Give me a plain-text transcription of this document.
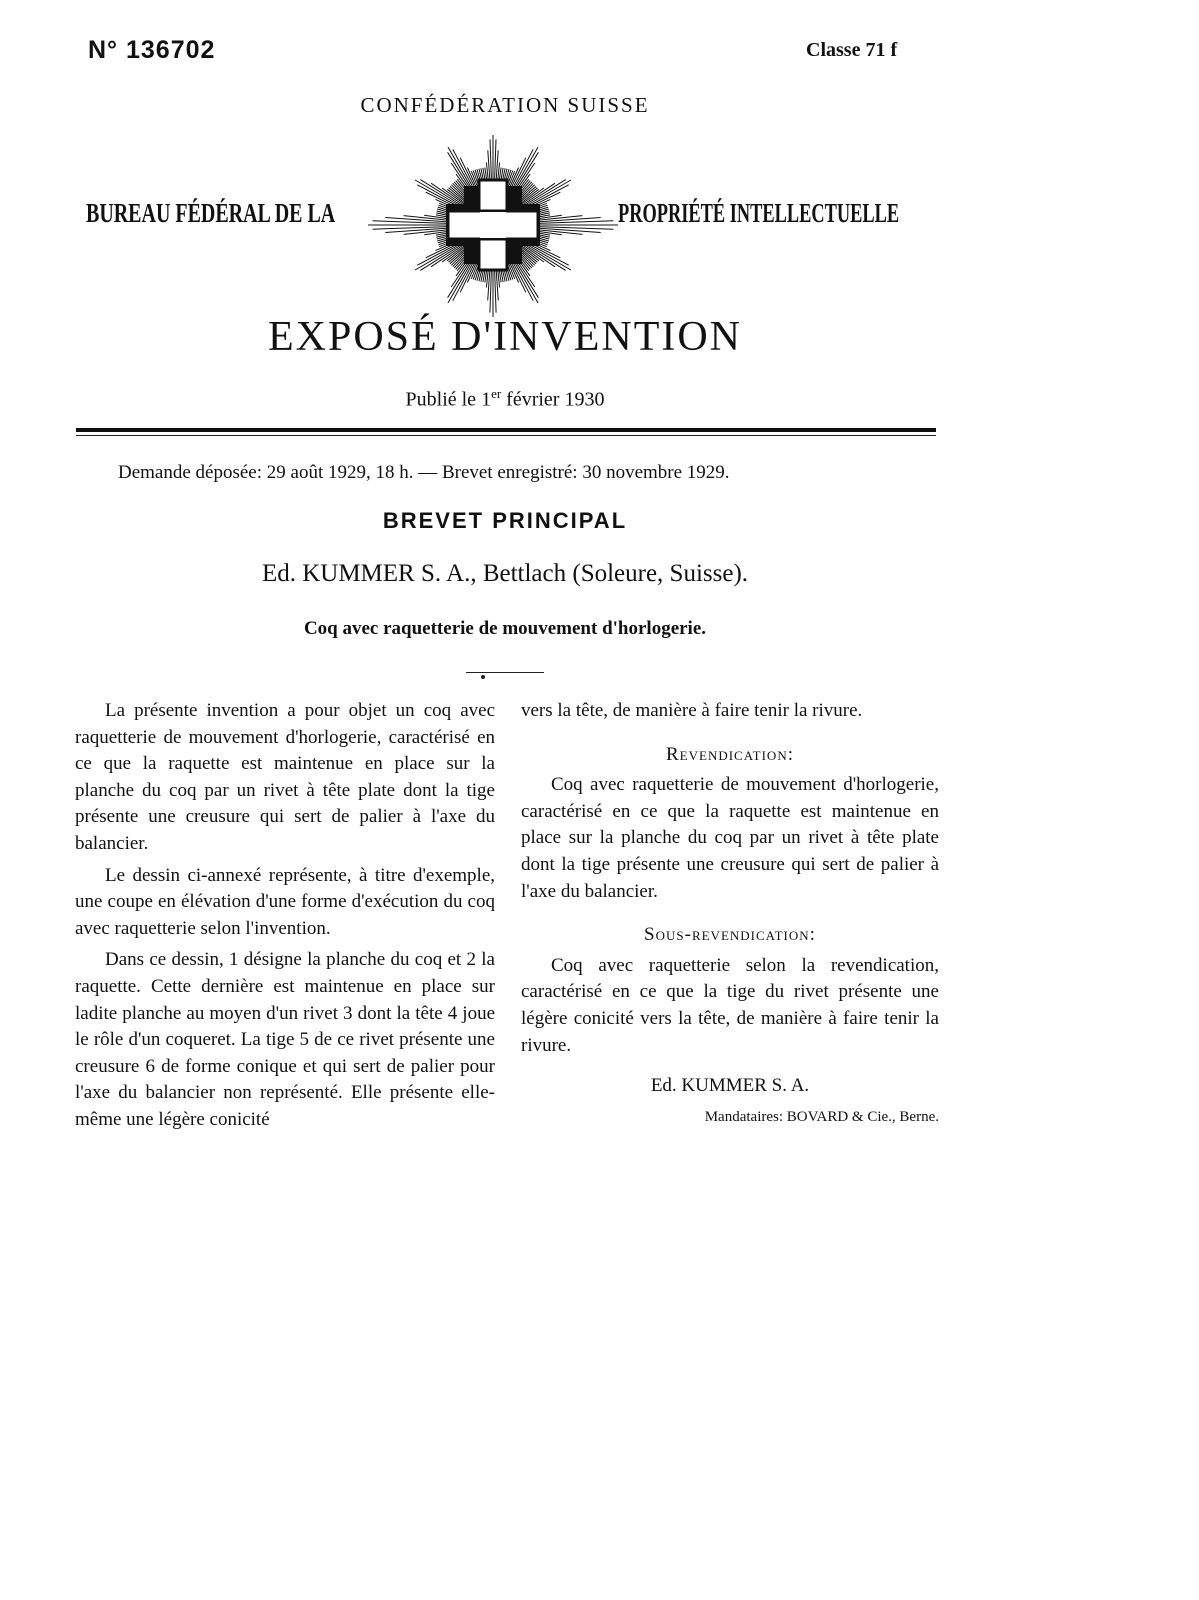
N° 136702	Classe 71 f
CONFÉDÉRATION SUISSE
BUREAU FÉDÉRAL DE LA	PROPRIÉTÉ INTELLECTUELLE
EXPOSÉ D'INVENTION
Publié le 1er février 1930
Demande déposée: 29 août 1929, 18 h. — Brevet enregistré: 30 novembre 1929.
BREVET PRINCIPAL
Ed. KUMMER S. A., Bettlach (Soleure, Suisse).
Coq avec raquetterie de mouvement d'horlogerie.

La présente invention a pour objet un coq avec raquetterie de mouvement d'horlogerie, caractérisé en ce que la raquette est maintenue en place sur la planche du coq par un rivet à tête plate dont la tige présente une creusure qui sert de palier à l'axe du balancier.

Le dessin ci-annexé représente, à titre d'exemple, une coupe en élévation d'une forme d'exécution du coq avec raquetterie selon l'invention.

Dans ce dessin, 1 désigne la planche du coq et 2 la raquette. Cette dernière est maintenue en place sur ladite planche au moyen d'un rivet 3 dont la tête 4 joue le rôle d'un coqueret. La tige 5 de ce rivet présente une creusure 6 de forme conique et qui sert de palier pour l'axe du balancier non représenté. Elle présente elle-même une légère conicité

vers la tête, de manière à faire tenir la rivure.

Revendication:

Coq avec raquetterie de mouvement d'horlogerie, caractérisé en ce que la raquette est maintenue en place sur la planche du coq par un rivet à tête plate dont la tige présente une creusure qui sert de palier à l'axe du balancier.

Sous-revendication:

Coq avec raquetterie selon la revendication, caractérisé en ce que la tige du rivet présente une légère conicité vers la tête, de manière à faire tenir la rivure.

Ed. KUMMER S. A.

Mandataires: BOVARD & Cie., Berne.
